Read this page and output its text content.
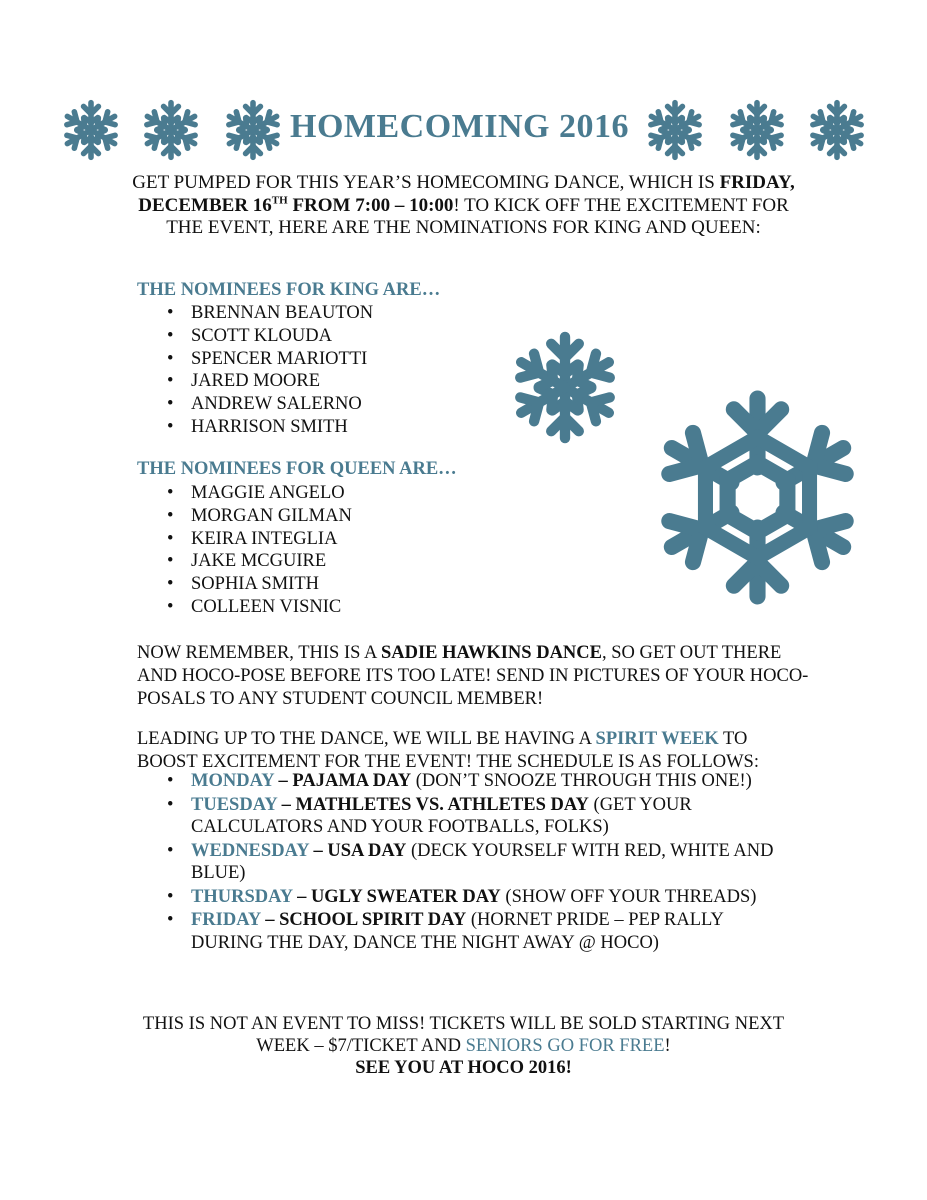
HOMECOMING 2016
GET PUMPED FOR THIS YEAR’S HOMECOMING DANCE, WHICH IS FRIDAY, DECEMBER 16TH FROM 7:00 – 10:00! TO KICK OFF THE EXCITEMENT FOR THE EVENT, HERE ARE THE NOMINATIONS FOR KING AND QUEEN:
THE NOMINEES FOR KING ARE…
• BRENNAN BEAUTON
• SCOTT KLOUDA
• SPENCER MARIOTTI
• JARED MOORE
• ANDREW SALERNO
• HARRISON SMITH
THE NOMINEES FOR QUEEN ARE…
• MAGGIE ANGELO
• MORGAN GILMAN
• KEIRA INTEGLIA
• JAKE MCGUIRE
• SOPHIA SMITH
• COLLEEN VISNIC
NOW REMEMBER, THIS IS A SADIE HAWKINS DANCE, SO GET OUT THERE AND HOCO-POSE BEFORE ITS TOO LATE! SEND IN PICTURES OF YOUR HOCO-POSALS TO ANY STUDENT COUNCIL MEMBER!
LEADING UP TO THE DANCE, WE WILL BE HAVING A SPIRIT WEEK TO BOOST EXCITEMENT FOR THE EVENT! THE SCHEDULE IS AS FOLLOWS:
• MONDAY – PAJAMA DAY (DON’T SNOOZE THROUGH THIS ONE!)
• TUESDAY – MATHLETES VS. ATHLETES DAY (GET YOUR CALCULATORS AND YOUR FOOTBALLS, FOLKS)
• WEDNESDAY – USA DAY (DECK YOURSELF WITH RED, WHITE AND BLUE)
• THURSDAY – UGLY SWEATER DAY (SHOW OFF YOUR THREADS)
• FRIDAY – SCHOOL SPIRIT DAY (HORNET PRIDE – PEP RALLY DURING THE DAY, DANCE THE NIGHT AWAY @ HOCO)
THIS IS NOT AN EVENT TO MISS! TICKETS WILL BE SOLD STARTING NEXT WEEK – $7/TICKET AND SENIORS GO FOR FREE!
SEE YOU AT HOCO 2016!
